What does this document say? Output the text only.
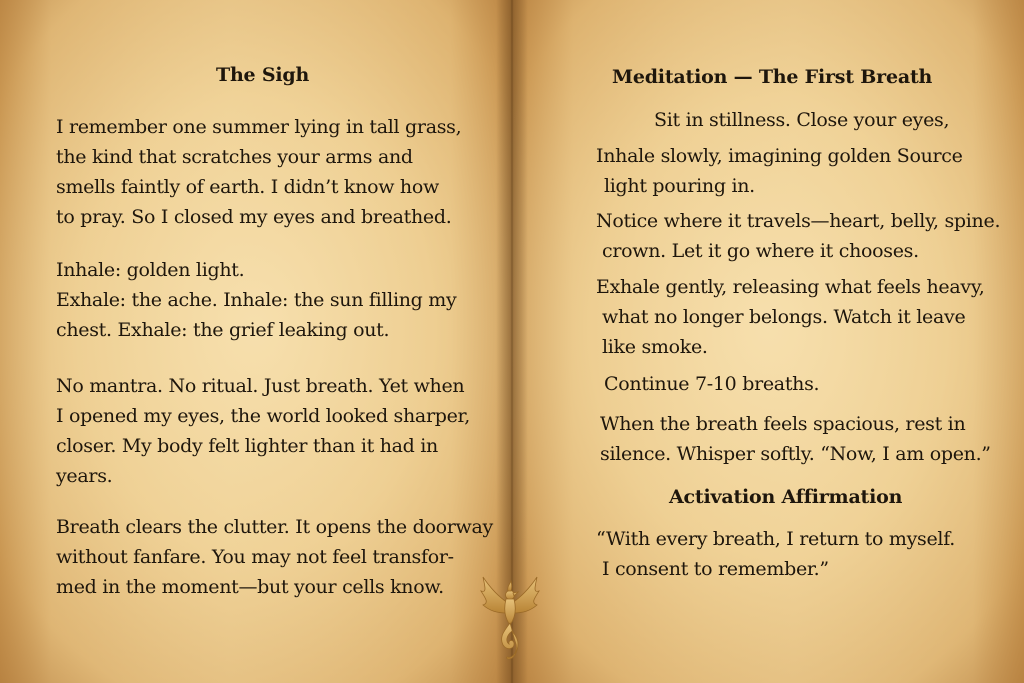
The Sigh

I remember one summer lying in tall grass,
the kind that scratches your arms and
smells faintly of earth. I didn’t know how
to pray. So I closed my eyes and breathed.

Inhale: golden light.
Exhale: the ache. Inhale: the sun filling my
chest. Exhale: the grief leaking out.

No mantra. No ritual. Just breath. Yet when
I opened my eyes, the world looked sharper,
closer. My body felt lighter than it had in
years.

Breath clears the clutter. It opens the doorway
without fanfare. You may not feel transfor-
med in the moment—but your cells know.

Meditation — The First Breath

Sit in stillness. Close your eyes,

Inhale slowly, imagining golden Source
light pouring in.

Notice where it travels—heart, belly, spine.
crown. Let it go where it chooses.

Exhale gently, releasing what feels heavy,
what no longer belongs. Watch it leave
like smoke.

Continue 7-10 breaths.

When the breath feels spacious, rest in
silence. Whisper softly. “Now, I am open.”

Activation Affirmation

“With every breath, I return to myself.
I consent to remember.”
